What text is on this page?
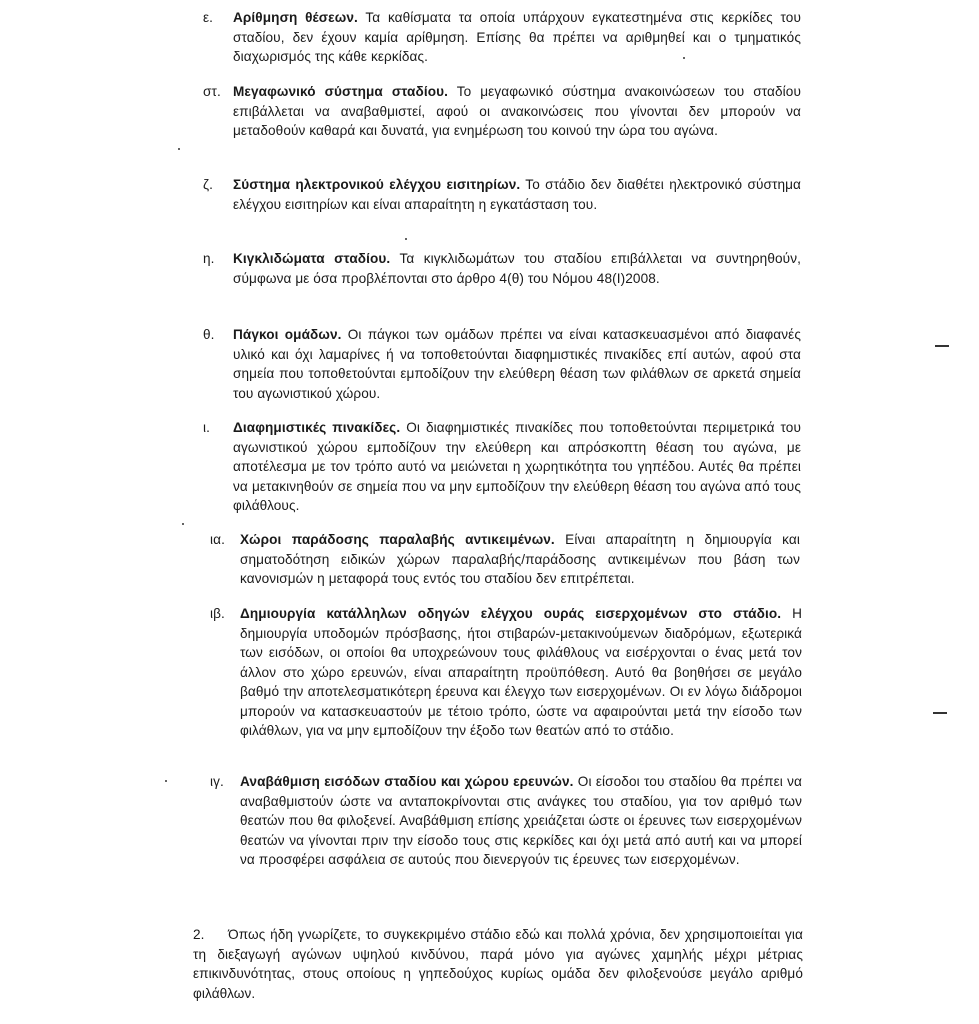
ε. Αρίθμηση θέσεων. Τα καθίσματα τα οποία υπάρχουν εγκατεστημένα στις κερκίδες του σταδίου, δεν έχουν καμία αρίθμηση. Επίσης θα πρέπει να αριθμηθεί και ο τμηματικός διαχωρισμός της κάθε κερκίδας.

στ. Μεγαφωνικό σύστημα σταδίου. Το μεγαφωνικό σύστημα ανακοινώσεων του σταδίου επιβάλλεται να αναβαθμιστεί, αφού οι ανακοινώσεις που γίνονται δεν μπορούν να μεταδοθούν καθαρά και δυνατά, για ενημέρωση του κοινού την ώρα του αγώνα.

ζ. Σύστημα ηλεκτρονικού ελέγχου εισιτηρίων. Το στάδιο δεν διαθέτει ηλεκτρονικό σύστημα ελέγχου εισιτηρίων και είναι απαραίτητη η εγκατάσταση του.

η. Κιγκλιδώματα σταδίου. Τα κιγκλιδωμάτων του σταδίου επιβάλλεται να συντηρηθούν, σύμφωνα με όσα προβλέπονται στο άρθρο 4(θ) του Νόμου 48(Ι)2008.

θ. Πάγκοι ομάδων. Οι πάγκοι των ομάδων πρέπει να είναι κατασκευασμένοι από διαφανές υλικό και όχι λαμαρίνες ή να τοποθετούνται διαφημιστικές πινακίδες επί αυτών, αφού στα σημεία που τοποθετούνται εμποδίζουν την ελεύθερη θέαση των φιλάθλων σε αρκετά σημεία του αγωνιστικού χώρου.

ι. Διαφημιστικές πινακίδες. Οι διαφημιστικές πινακίδες που τοποθετούνται περιμετρικά του αγωνιστικού χώρου εμποδίζουν την ελεύθερη και απρόσκοπτη θέαση του αγώνα, με αποτέλεσμα με τον τρόπο αυτό να μειώνεται η χωρητικότητα του γηπέδου. Αυτές θα πρέπει να μετακινηθούν σε σημεία που να μην εμποδίζουν την ελεύθερη θέαση του αγώνα από τους φιλάθλους.

ια. Χώροι παράδοσης παραλαβής αντικειμένων. Είναι απαραίτητη η δημιουργία και σηματοδότηση ειδικών χώρων παραλαβής/παράδοσης αντικειμένων που βάση των κανονισμών η μεταφορά τους εντός του σταδίου δεν επιτρέπεται.

ιβ. Δημιουργία κατάλληλων οδηγών ελέγχου ουράς εισερχομένων στο στάδιο. Η δημιουργία υποδομών πρόσβασης, ήτοι στιβαρών-μετακινούμενων διαδρόμων, εξωτερικά των εισόδων, οι οποίοι θα υποχρεώνουν τους φιλάθλους να εισέρχονται ο ένας μετά τον άλλον στο χώρο ερευνών, είναι απαραίτητη προϋπόθεση. Αυτό θα βοηθήσει σε μεγάλο βαθμό την αποτελεσματικότερη έρευνα και έλεγχο των εισερχομένων. Οι εν λόγω διάδρομοι μπορούν να κατασκευαστούν με τέτοιο τρόπο, ώστε να αφαιρούνται μετά την είσοδο των φιλάθλων, για να μην εμποδίζουν την έξοδο των θεατών από το στάδιο.

ιγ. Αναβάθμιση εισόδων σταδίου και χώρου ερευνών. Οι είσοδοι του σταδίου θα πρέπει να αναβαθμιστούν ώστε να ανταποκρίνονται στις ανάγκες του σταδίου, για τον αριθμό των θεατών που θα φιλοξενεί. Αναβάθμιση επίσης χρειάζεται ώστε οι έρευνες των εισερχομένων θεατών να γίνονται πριν την είσοδο τους στις κερκίδες και όχι μετά από αυτή και να μπορεί να προσφέρει ασφάλεια σε αυτούς που διενεργούν τις έρευνες των εισερχομένων.

2. Όπως ήδη γνωρίζετε, το συγκεκριμένο στάδιο εδώ και πολλά χρόνια, δεν χρησιμοποιείται για τη διεξαγωγή αγώνων υψηλού κινδύνου, παρά μόνο για αγώνες χαμηλής μέχρι μέτριας επικινδυνότητας, στους οποίους η γηπεδούχος κυρίως ομάδα δεν φιλοξενούσε μεγάλο αριθμό φιλάθλων.
